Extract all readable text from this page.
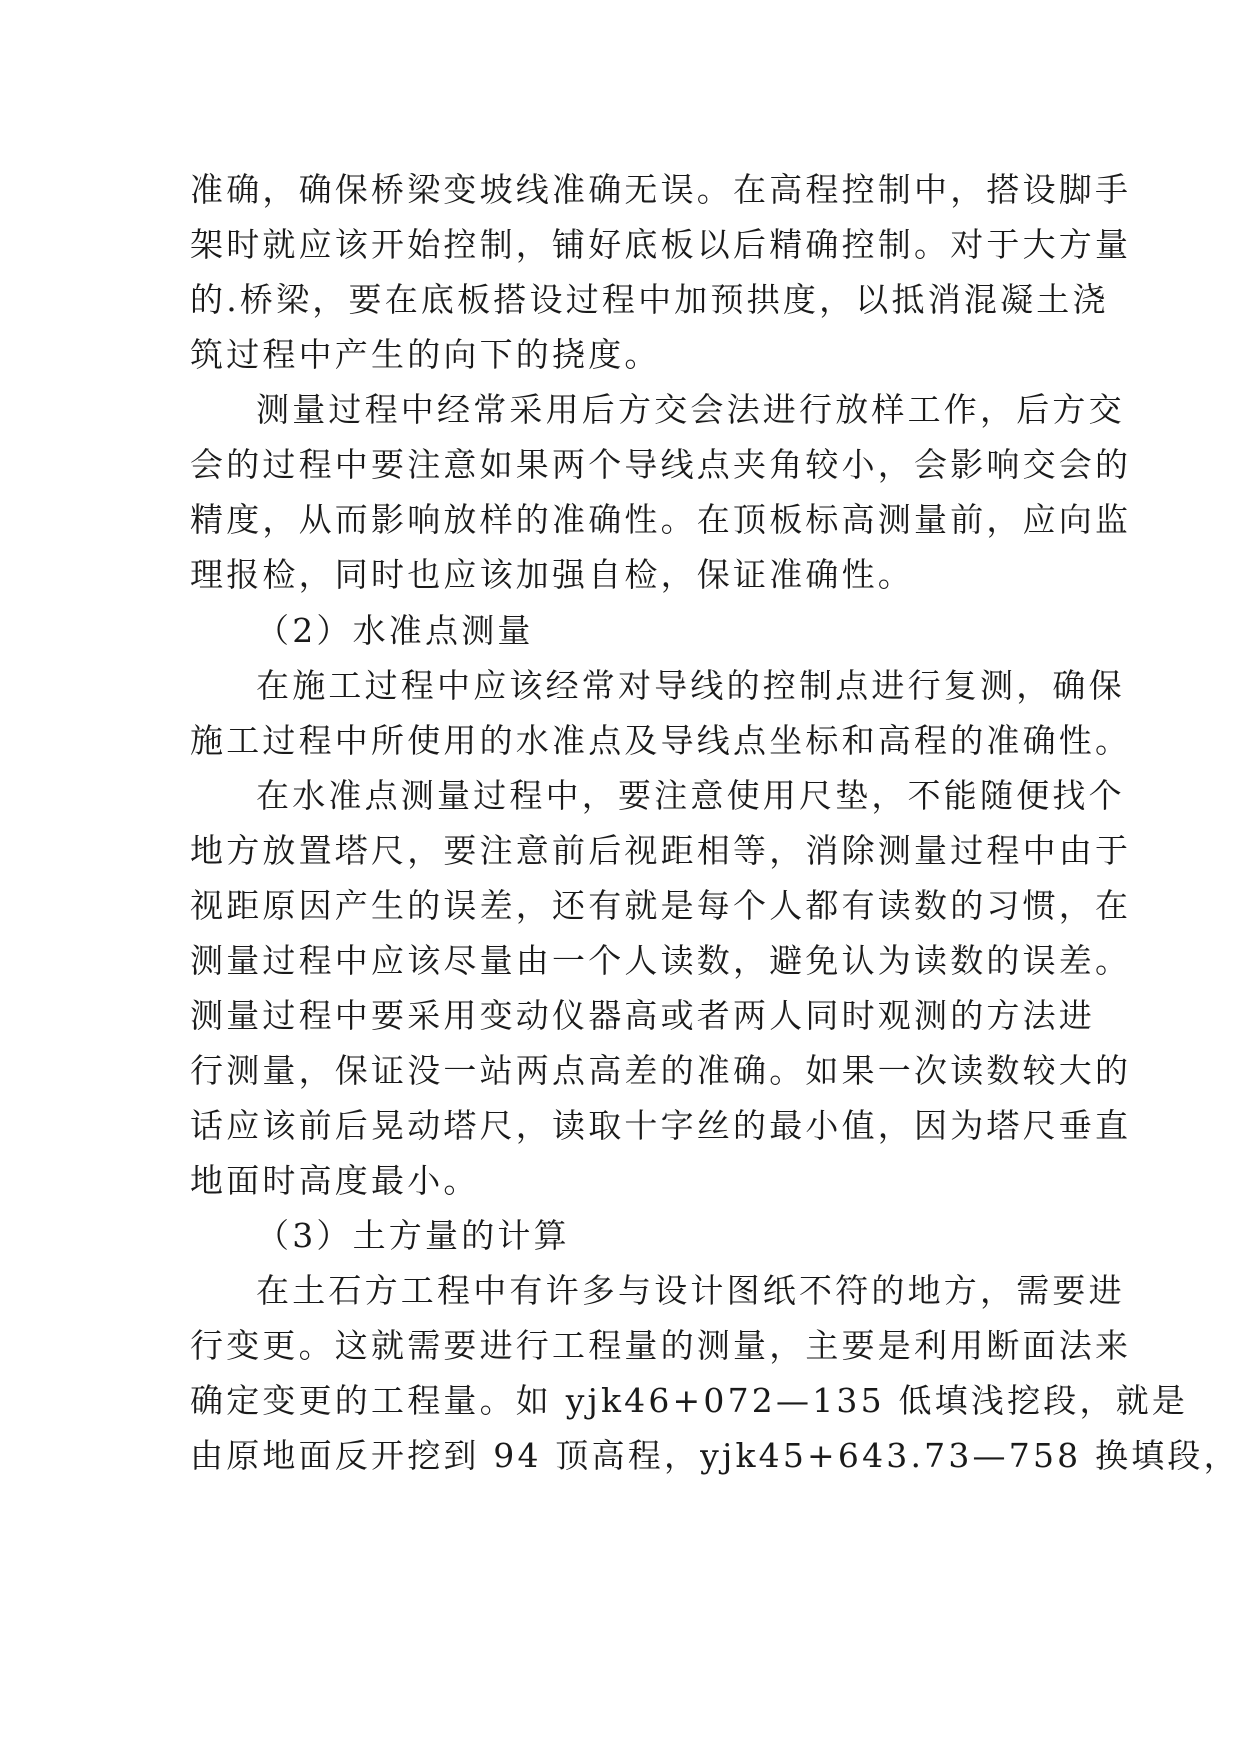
准确，确保桥梁变坡线准确无误。在高程控制中，搭设脚手
架时就应该开始控制，铺好底板以后精确控制。对于大方量
的.桥梁，要在底板搭设过程中加预拱度，以抵消混凝土浇
筑过程中产生的向下的挠度。
测量过程中经常采用后方交会法进行放样工作，后方交
会的过程中要注意如果两个导线点夹角较小，会影响交会的
精度，从而影响放样的准确性。在顶板标高测量前，应向监
理报检，同时也应该加强自检，保证准确性。
（2）水准点测量
在施工过程中应该经常对导线的控制点进行复测，确保
施工过程中所使用的水准点及导线点坐标和高程的准确性。
在水准点测量过程中，要注意使用尺垫，不能随便找个
地方放置塔尺，要注意前后视距相等，消除测量过程中由于
视距原因产生的误差，还有就是每个人都有读数的习惯，在
测量过程中应该尽量由一个人读数，避免认为读数的误差。
测量过程中要采用变动仪器高或者两人同时观测的方法进
行测量，保证没一站两点高差的准确。如果一次读数较大的
话应该前后晃动塔尺，读取十字丝的最小值，因为塔尺垂直
地面时高度最小。
（3）土方量的计算
在土石方工程中有许多与设计图纸不符的地方，需要进
行变更。这就需要进行工程量的测量，主要是利用断面法来
确定变更的工程量。如 yjk46+072—135 低填浅挖段，就是
由原地面反开挖到 94 顶高程，yjk45+643.73—758 换填段，
